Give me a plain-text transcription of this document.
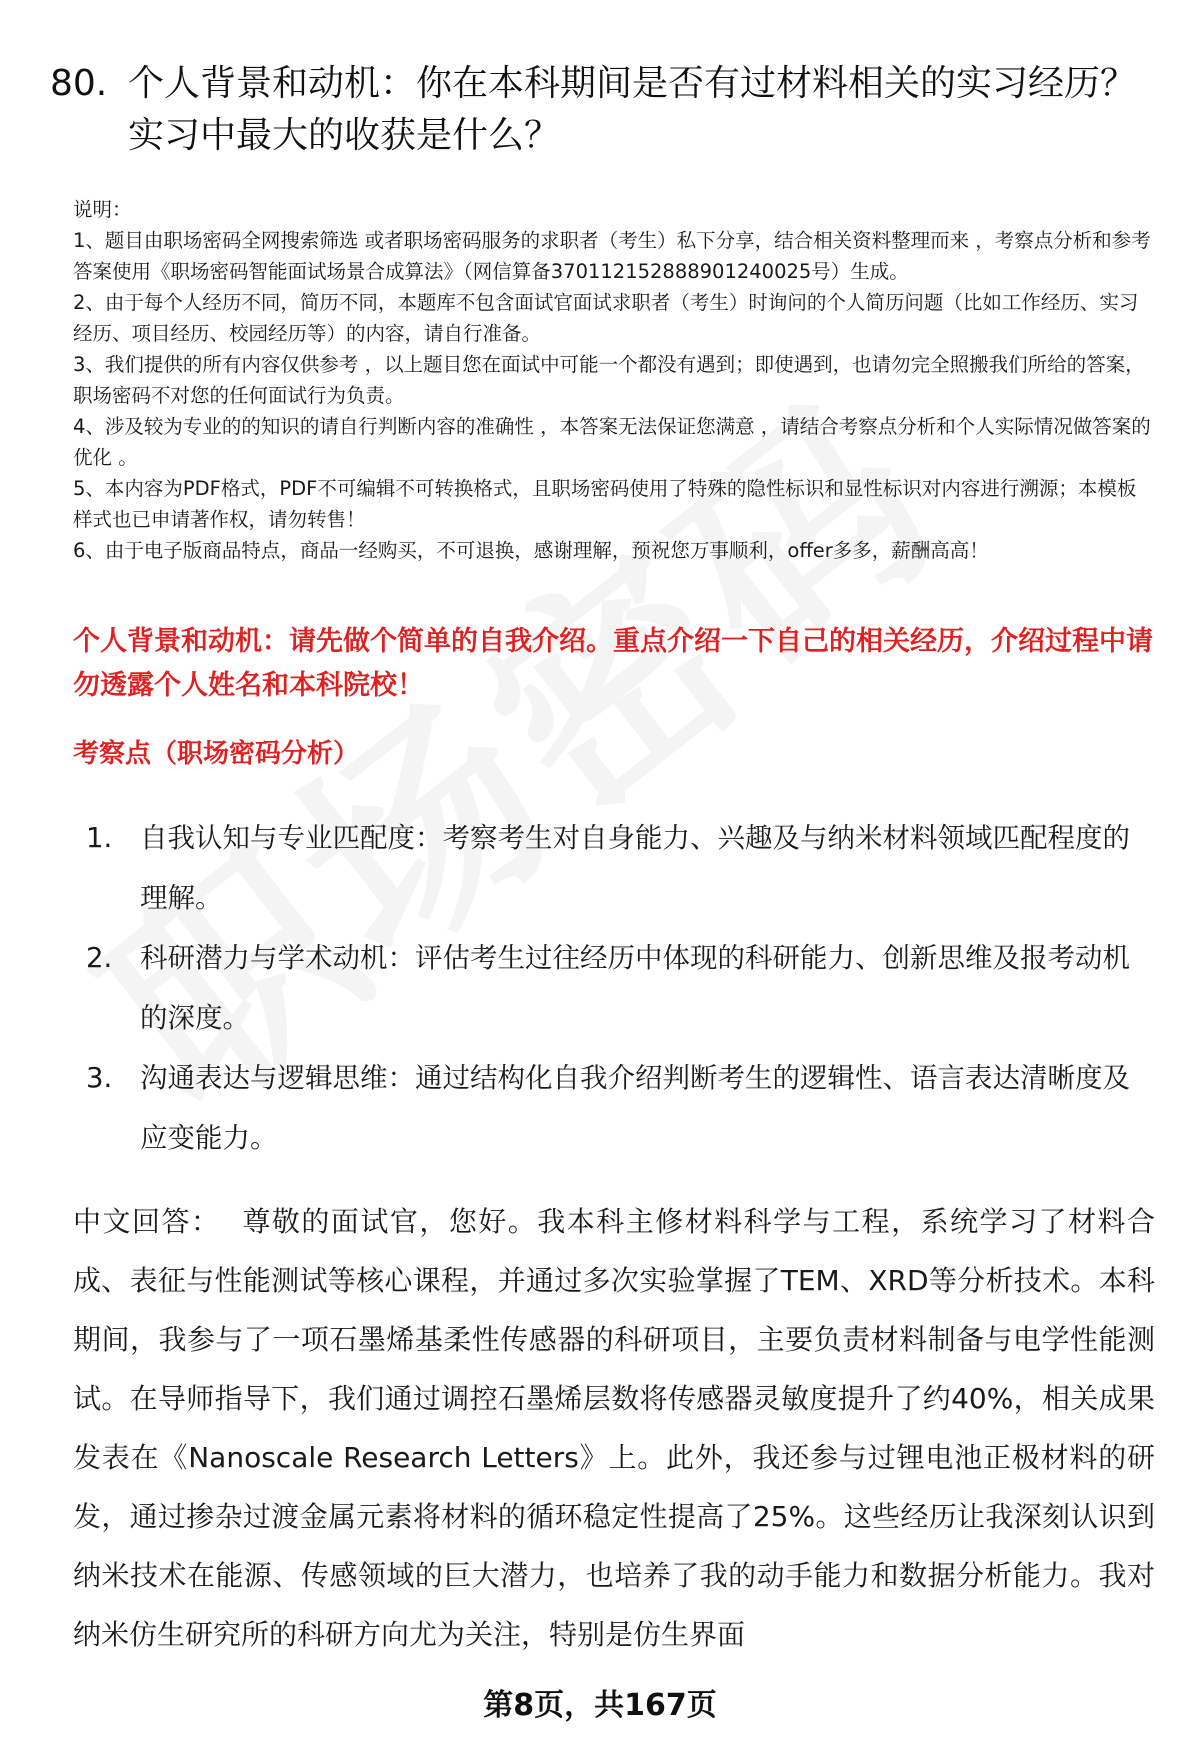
80. 个人背景和动机：你在本科期间是否有过材料相关的实习经历？实习中最大的收获是什么？

说明：

1、题目由职场密码全网搜索筛选 或者职场密码服务的求职者（考生）私下分享，结合相关资料整理而来 ，考察点分析和参考答案使用《职场密码智能面试场景合成算法》（网信算备370112152888901240025号）生成。

2、由于每个人经历不同，简历不同，本题库不包含面试官面试求职者（考生）时询问的个人简历问题（比如工作经历、实习经历、项目经历、校园经历等）的内容，请自行准备。

3、我们提供的所有内容仅供参考 ，以上题目您在面试中可能一个都没有遇到；即使遇到，也请勿完全照搬我们所给的答案，职场密码不对您的任何面试行为负责。

4、涉及较为专业的的知识的请自行判断内容的准确性 ，本答案无法保证您满意 ，请结合考察点分析和个人实际情况做答案的优化 。

5、本内容为PDF格式，PDF不可编辑不可转换格式，且职场密码使用了特殊的隐性标识和显性标识对内容进行溯源；本模板样式也已申请著作权，请勿转售！

6、由于电子版商品特点，商品一经购买，不可退换，感谢理解，预祝您万事顺利，offer多多，薪酬高高！

个人背景和动机：请先做个简单的自我介绍。重点介绍一下自己的相关经历，介绍过程中请勿透露个人姓名和本科院校！
考察点（职场密码分析）
1.	自我认知与专业匹配度：考察考生对自身能力、兴趣及与纳米材料领域匹配程度的理解。
2.	科研潜力与学术动机：评估考生过往经历中体现的科研能力、创新思维及报考动机的深度。
3.	沟通表达与逻辑思维：通过结构化自我介绍判断考生的逻辑性、语言表达清晰度及应变能力。
中文回答： 尊敬的面试官，您好。我本科主修材料科学与工程，系统学习了材料合成、表征与性能测试等核心课程，并通过多次实验掌握了TEM、XRD等分析技术。本科期间，我参与了一项石墨烯基柔性传感器的科研项目，主要负责材料制备与电学性能测试。在导师指导下，我们通过调控石墨烯层数将传感器灵敏度提升了约40%，相关成果发表在《Nanoscale Research Letters》上。此外，我还参与过锂电池正极材料的研发，通过掺杂过渡金属元素将材料的循环稳定性提高了25%。这些经历让我深刻认识到纳米技术在能源、传感领域的巨大潜力，也培养了我的动手能力和数据分析能力。我对纳米仿生研究所的科研方向尤为关注，特别是仿生界面
第8页，共167页
